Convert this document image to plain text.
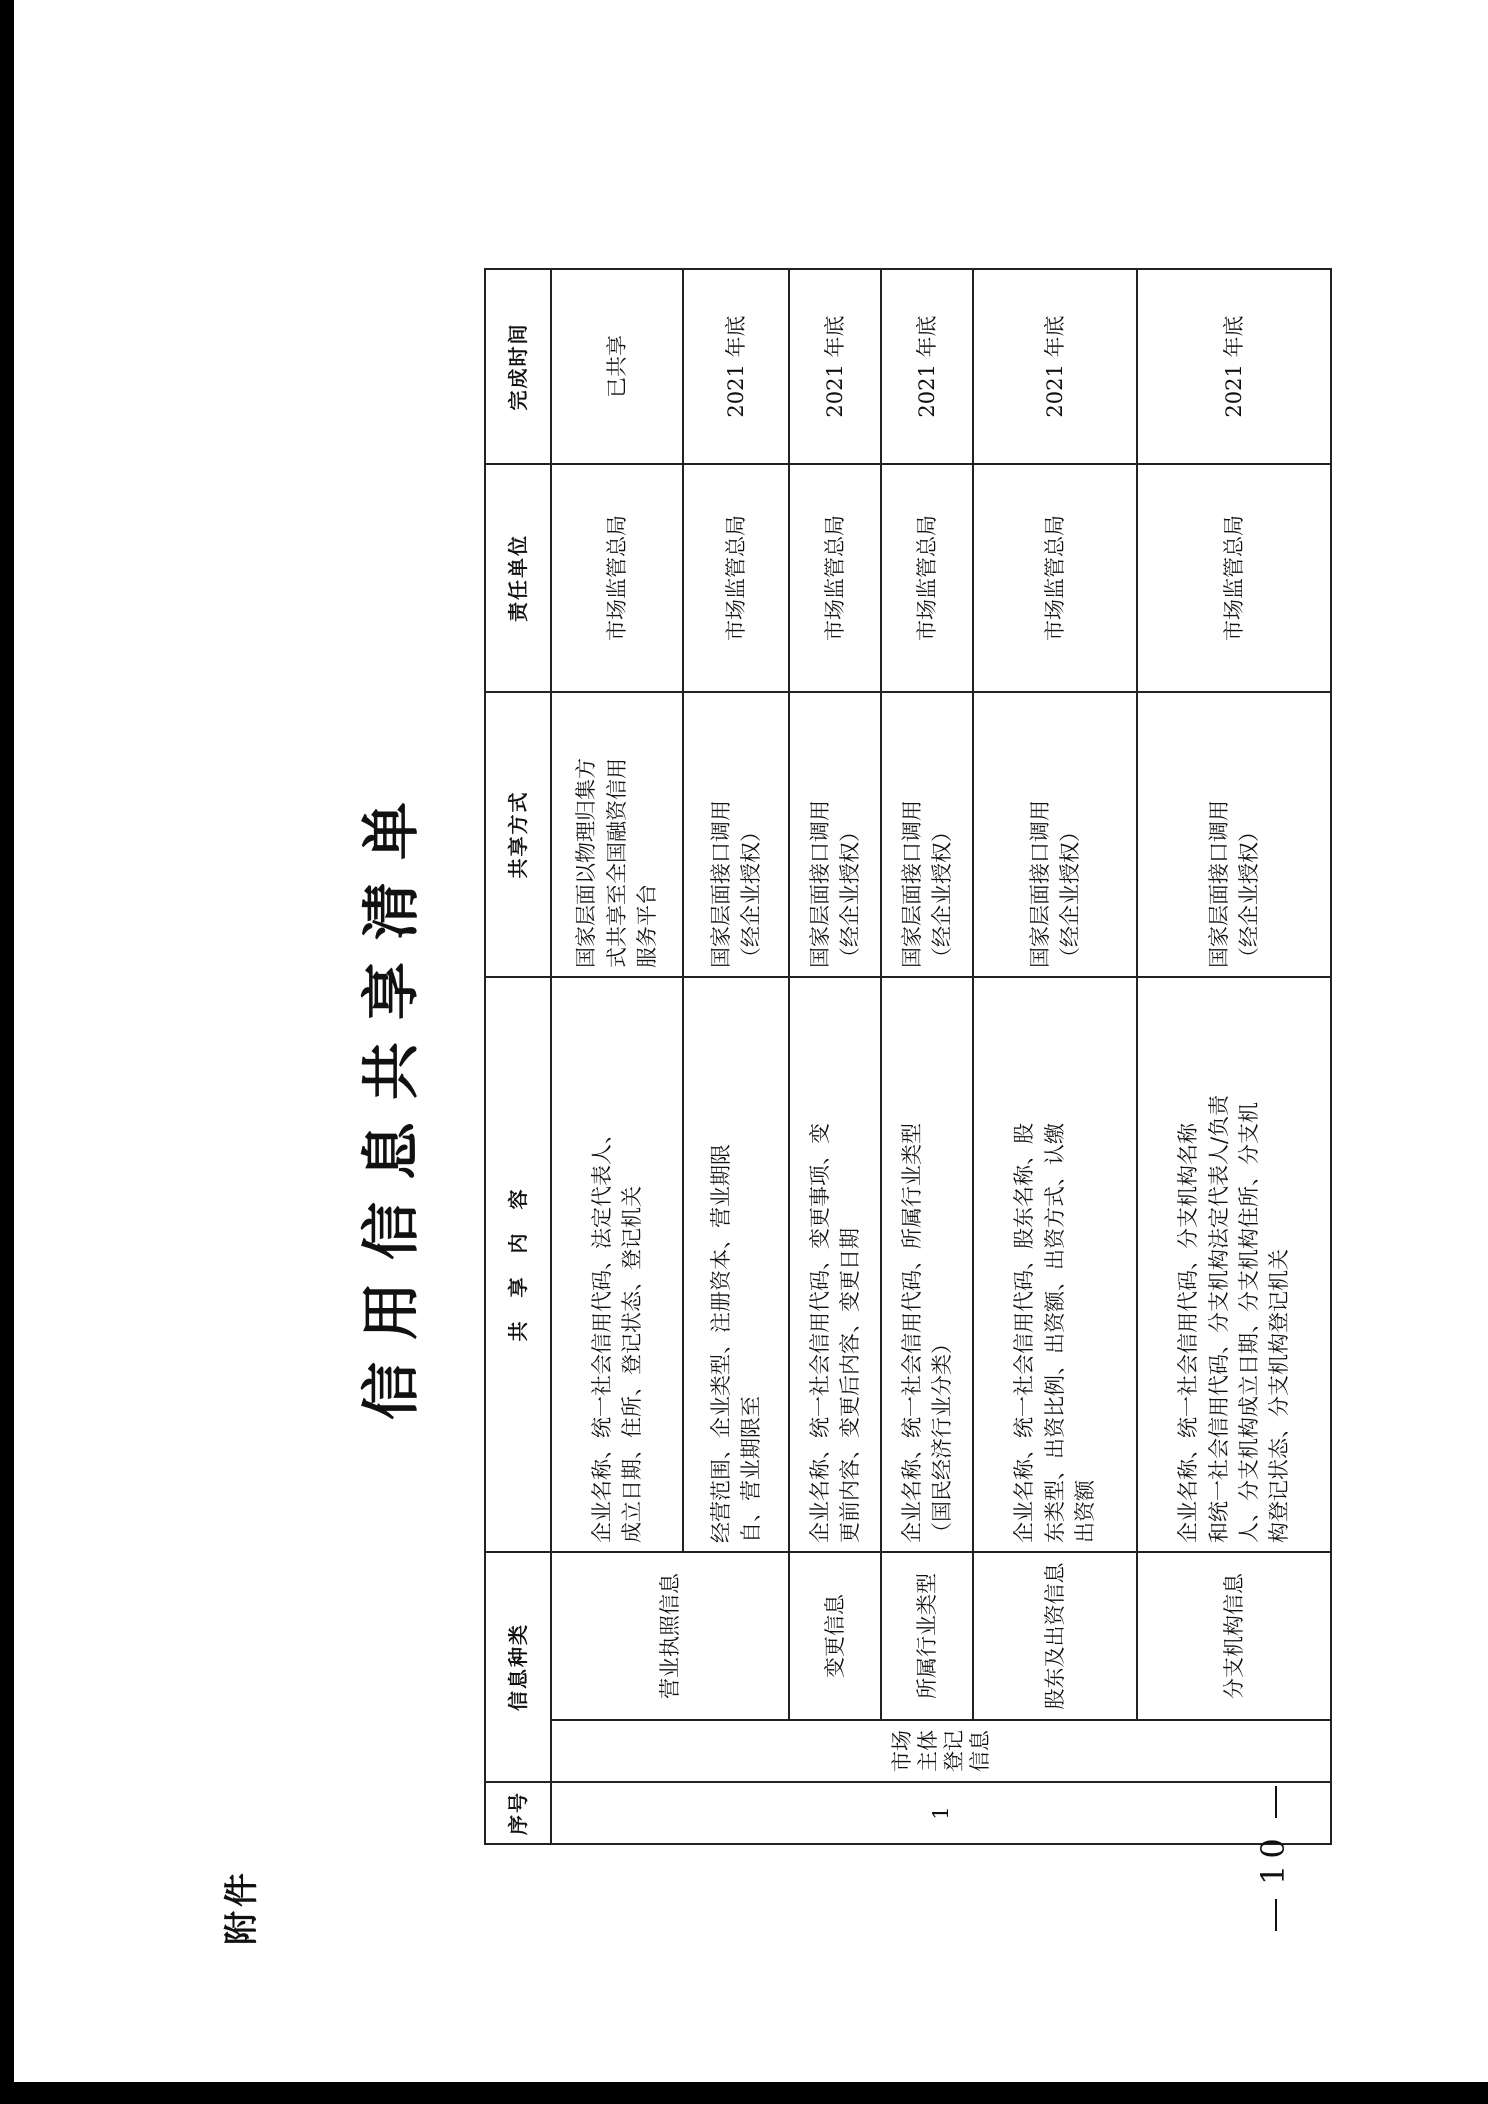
附件
信用信息共享清单
序号	信息种类		共　享　内　容	共享方式	责任单位	完成时间
1	市场 主体 登记 信息	营业执照信息	企业名称、统一社会信用代码、法定代表人、 成立日期、住所、登记状态、登记机关	国家层面以物理归集方 式共享至全国融资信用 服务平台	市场监管总局	已共享
			经营范围、企业类型、注册资本、营业期限 自、营业期限至	国家层面接口调用 （经企业授权）	市场监管总局	2021 年底
		变更信息	企业名称、统一社会信用代码、变更事项、变 更前内容、变更后内容、变更日期	国家层面接口调用 （经企业授权）	市场监管总局	2021 年底
		所属行业类型	企业名称、统一社会信用代码、所属行业类型 （国民经济行业分类）	国家层面接口调用 （经企业授权）	市场监管总局	2021 年底
		股东及出资信息	企业名称、统一社会信用代码、股东名称、股 东类型、出资比例、出资额、出资方式、认缴 出资额	国家层面接口调用 （经企业授权）	市场监管总局	2021 年底
		分支机构信息	企业名称、统一社会信用代码、分支机构名称 和统一社会信用代码、分支机构法定代表人/负责 人、分支机构成立日期、分支机构住所、分支机 构登记状态、分支机构登记机关	国家层面接口调用 （经企业授权）	市场监管总局	2021 年底
10
